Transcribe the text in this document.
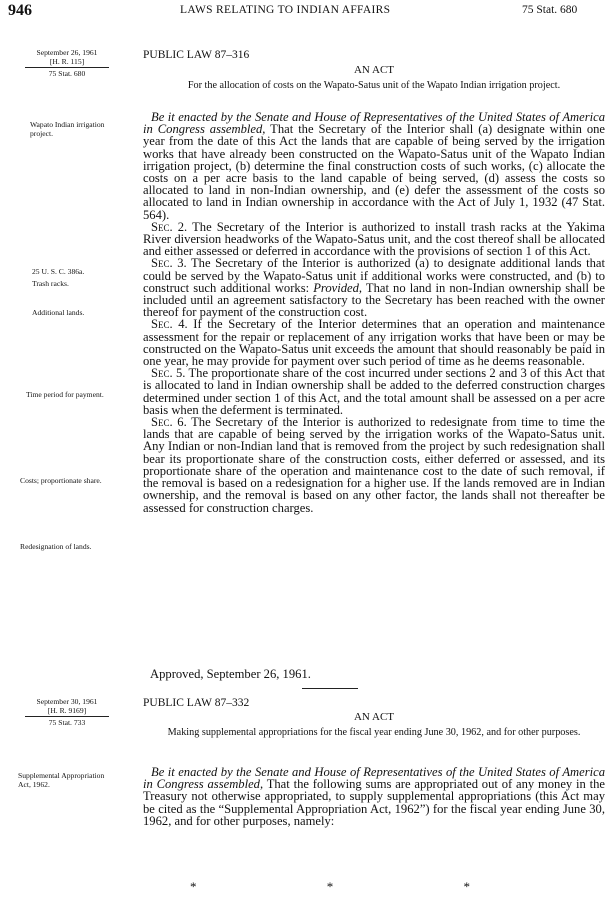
946	LAWS RELATING TO INDIAN AFFAIRS	75 Stat. 680
September 26, 1961
[H. R. 115]
75 Stat. 680
PUBLIC LAW 87–316
AN ACT
For the allocation of costs on the Wapato-Satus unit of the Wapato Indian irrigation project.
Wapato Indian irrigation project.
25 U. S. C. 386a.
Trash racks.
Additional lands.
Time period for payment.
Costs; proportionate share.
Redesignation of lands.

Be it enacted by the Senate and House of Representatives of the United States of America in Congress assembled, That the Secretary of the Interior shall (a) designate within one year from the date of this Act the lands that are capable of being served by the irrigation works that have already been constructed on the Wapato-Satus unit of the Wapato Indian irrigation project, (b) determine the final construction costs of such works, (c) allocate the costs on a per acre basis to the land capable of being served, (d) assess the costs so allocated to land in non-Indian ownership, and (e) defer the assessment of the costs so allocated to land in Indian ownership in accordance with the Act of July 1, 1932 (47 Stat. 564).

Sec. 2. The Secretary of the Interior is authorized to install trash racks at the Yakima River diversion headworks of the Wapato-Satus unit, and the cost thereof shall be allocated and either assessed or deferred in accordance with the provisions of section 1 of this Act.

Sec. 3. The Secretary of the Interior is authorized (a) to designate additional lands that could be served by the Wapato-Satus unit if additional works were constructed, and (b) to construct such additional works: Provided, That no land in non-Indian ownership shall be included until an agreement satisfactory to the Secretary has been reached with the owner thereof for payment of the construction cost.

Sec. 4. If the Secretary of the Interior determines that an operation and maintenance assessment for the repair or replacement of any irrigation works that have been or may be constructed on the Wapato-Satus unit exceeds the amount that should reasonably be paid in one year, he may provide for payment over such period of time as he deems reasonable.

Sec. 5. The proportionate share of the cost incurred under sections 2 and 3 of this Act that is allocated to land in Indian ownership shall be added to the deferred construction charges determined under section 1 of this Act, and the total amount shall be assessed on a per acre basis when the deferment is terminated.

Sec. 6. The Secretary of the Interior is authorized to redesignate from time to time the lands that are capable of being served by the irrigation works of the Wapato-Satus unit. Any Indian or non-Indian land that is removed from the project by such redesignation shall bear its proportionate share of the construction costs, either deferred or assessed, and its proportionate share of the operation and maintenance cost to the date of such removal, if the removal is based on a redesignation for a higher use. If the lands removed are in Indian ownership, and the removal is based on any other factor, the lands shall not thereafter be assessed for construction charges.

Approved, September 26, 1961.
September 30, 1961
[H. R. 9169]
75 Stat. 733
PUBLIC LAW 87–332
AN ACT
Making supplemental appropriations for the fiscal year ending June 30, 1962, and for other purposes.
Supplemental Appropriation Act, 1962.

Be it enacted by the Senate and House of Representatives of the United States of America in Congress assembled, That the following sums are appropriated out of any money in the Treasury not otherwise appropriated, to supply supplemental appropriations (this Act may be cited as the “Supplemental Appropriation Act, 1962”) for the fiscal year ending June 30, 1962, and for other purposes, namely:

*	*	*
